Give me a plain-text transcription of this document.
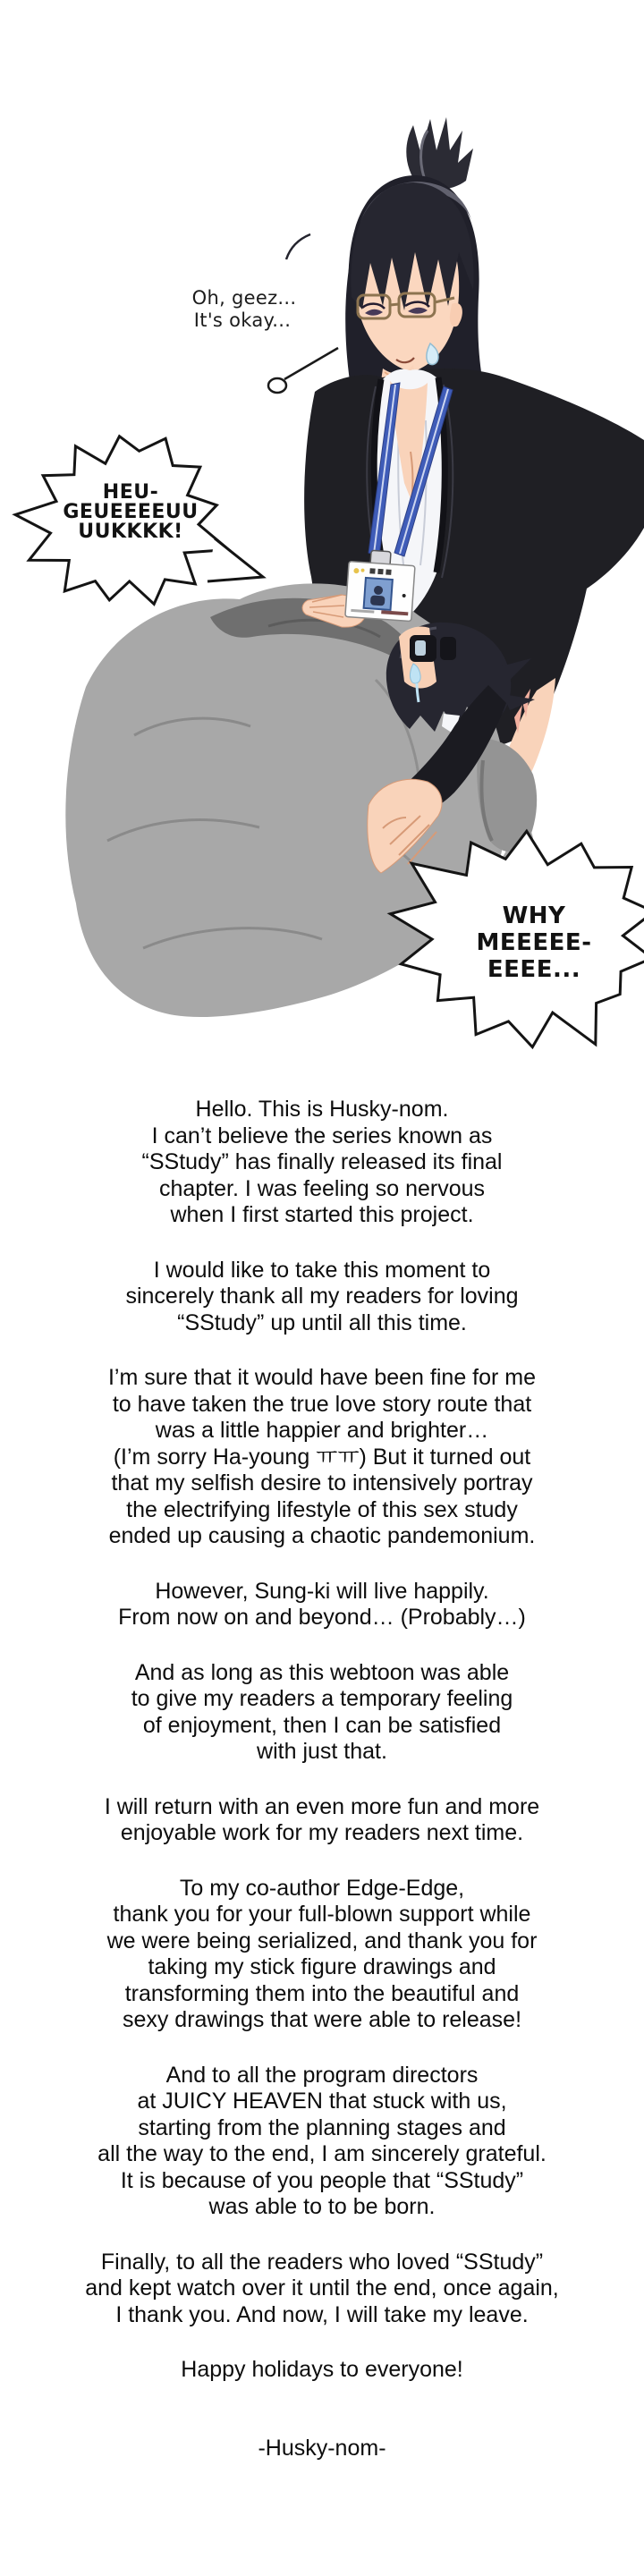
Oh, geez...
It's okay...
HEU-
GEUEEEEUU
UUKKKK!
WHY
MEEEEE-
EEEE...

Hello. This is Husky-nom.
I can’t believe the series known as
“SStudy” has finally released its final
chapter. I was feeling so nervous
when I first started this project.

I would like to take this moment to
sincerely thank all my readers for loving
“SStudy” up until all this time.

I’m sure that it would have been fine for me
to have taken the true love story route that
was a little happier and brighter…
(I’m sorry Ha-young ㅠㅠ) But it turned out
that my selfish desire to intensively portray
the electrifying lifestyle of this sex study
ended up causing a chaotic pandemonium.

However, Sung-ki will live happily.
From now on and beyond… (Probably…)

And as long as this webtoon was able
to give my readers a temporary feeling
of enjoyment, then I can be satisfied
with just that.

I will return with an even more fun and more
enjoyable work for my readers next time.

To my co-author Edge-Edge,
thank you for your full-blown support while
we were being serialized, and thank you for
taking my stick figure drawings and
transforming them into the beautiful and
sexy drawings that were able to release!

And to all the program directors
at JUICY HEAVEN that stuck with us,
starting from the planning stages and
all the way to the end, I am sincerely grateful.
It is because of you people that “SStudy”
was able to to be born.

Finally, to all the readers who loved “SStudy”
and kept watch over it until the end, once again,
I thank you. And now, I will take my leave.

Happy holidays to everyone!

-Husky-nom-
